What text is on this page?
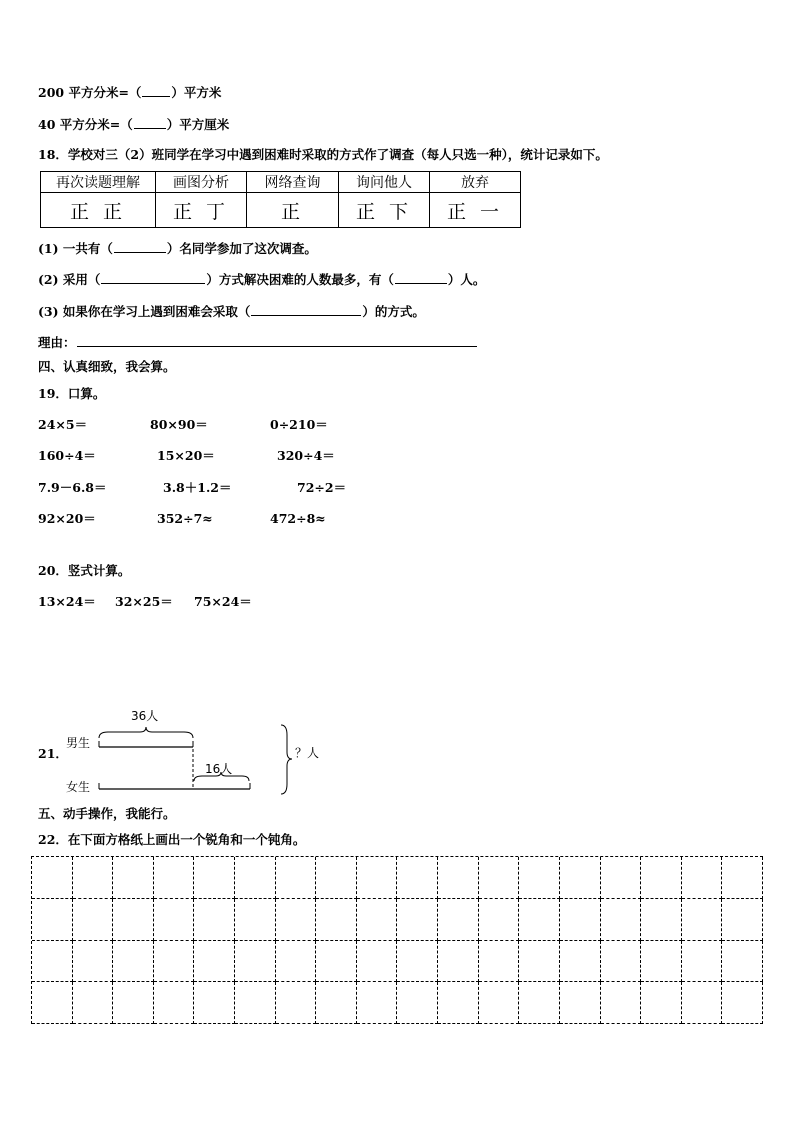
200 平方分米=（ ）平方米
40 平方分米=（	）平方厘米
18．学校对三（2）班同学在学习中遇到困难时采取的方式作了调查（每人只选一种），统计记录如下。
再次读题理解	画图分析	网络查询	询问他人	放弃
正 正	正 丁	正	正 下	正 一
(1) 一共有（	）名同学参加了这次调查。
(2) 采用（	）方式解决困难的人数最多，有（	）人。
(3) 如果你在学习上遇到困难会采取（	）的方式。
理由：
四、认真细致，我会算。
19．口算。
24×5＝	80×90＝	0÷210＝
160÷4＝	15×20＝	320÷4＝
7.9－6.8＝	3.8＋1.2＝	72÷2＝
92×20＝	352÷7≈	472÷8≈
20．竖式计算。
13×24＝ 32×25＝ 75×24＝
36人
男生
21．
16人
女生
？人
五、动手操作，我能行。
22．在下面方格纸上画出一个锐角和一个钝角。
